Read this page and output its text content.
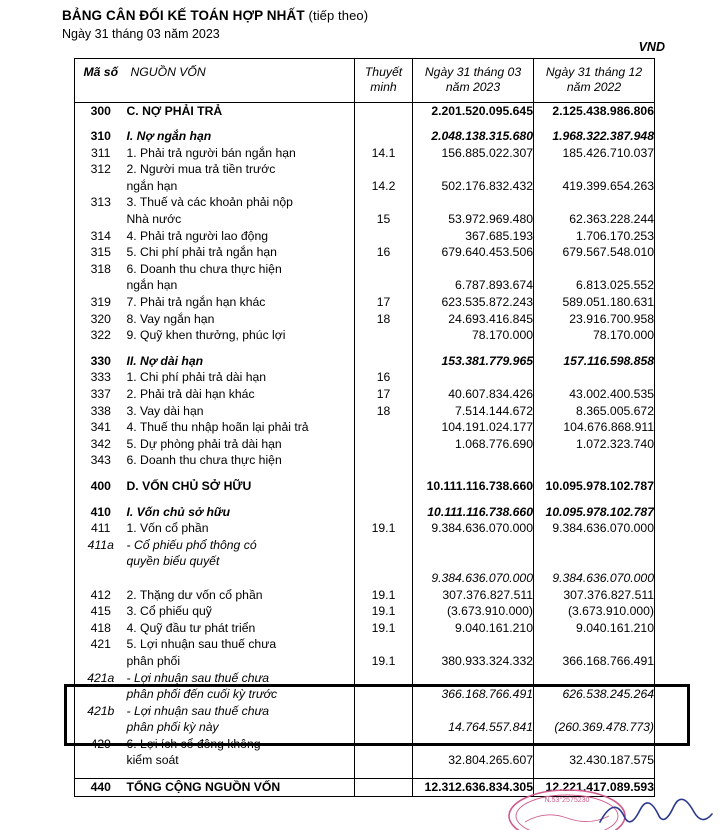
BẢNG CÂN ĐỐI KẾ TOÁN HỢP NHẤT (tiếp theo)
Ngày 31 tháng 03 năm 2023
VND
Mã số	NGUỒN VỐN	Thuyết
minh

Ngày 31 tháng 03
năm 2023

Ngày 31 tháng 12
năm 2022

300	C. NỢ PHẢI TRẢ		2.201.520.095.645	2.125.438.986.806

310	I. Nợ ngắn hạn		2.048.138.315.680	1.968.322.387.948
311	1. Phải trả người bán ngắn hạn	14.1	156.885.022.307	185.426.710.037
312	2. Người mua trả tiền trước			
	ngắn hạn	14.2	502.176.832.432	419.399.654.263
313	3. Thuế và các khoản phải nộp			
	Nhà nước	15	53.972.969.480	62.363.228.244
314	4. Phải trả người lao động		367.685.193	1.706.170.253
315	5. Chi phí phải trả ngắn hạn	16	679.640.453.506	679.567.548.010
318	6. Doanh thu chưa thực hiện			
	ngắn hạn		6.787.893.674	6.813.025.552
319	7. Phải trả ngắn hạn khác	17	623.535.872.243	589.051.180.631
320	8. Vay ngắn hạn	18	24.693.416.845	23.916.700.958
322	9. Quỹ khen thưởng, phúc lợi		78.170.000	78.170.000

330	II. Nợ dài hạn		153.381.779.965	157.116.598.858
333	1. Chi phí phải trả dài hạn	16		
337	2. Phải trả dài hạn khác	17	40.607.834.426	43.002.400.535
338	3. Vay dài hạn	18	7.514.144.672	8.365.005.672
341	4. Thuế thu nhập hoãn lại phải trả		104.191.024.177	104.676.868.911
342	5. Dự phòng phải trả dài hạn		1.068.776.690	1.072.323.740
343	6. Doanh thu chưa thực hiện			

400	D. VỐN CHỦ SỞ HỮU		10.111.116.738.660	10.095.978.102.787

410	I. Vốn chủ sở hữu		10.111.116.738.660	10.095.978.102.787
411	1. Vốn cổ phần	19.1	9.384.636.070.000	9.384.636.070.000
411a	- Cổ phiếu phổ thông có			
	quyền biểu quyết			
			9.384.636.070.000	9.384.636.070.000
412	2. Thặng dư vốn cổ phần	19.1	307.376.827.511	307.376.827.511
415	3. Cổ phiếu quỹ	19.1	(3.673.910.000)	(3.673.910.000)
418	4. Quỹ đầu tư phát triển	19.1	9.040.161.210	9.040.161.210
421	5. Lợi nhuận sau thuế chưa			
	phân phối	19.1	380.933.324.332	366.168.766.491
421a	- Lợi nhuận sau thuế chưa			
	phân phối đến cuối kỳ trước		366.168.766.491	626.538.245.264
421b	- Lợi nhuận sau thuế chưa			
	phân phối kỳ này		14.764.557.841	(260.369.478.773)
429	6. Lợi ích cổ đông không			
	kiểm soát		32.804.265.607	32.430.187.575

440	TỔNG CỘNG NGUỒN VỐN		12.312.636.834.305	12.221.417.089.593
N.53°2575230
